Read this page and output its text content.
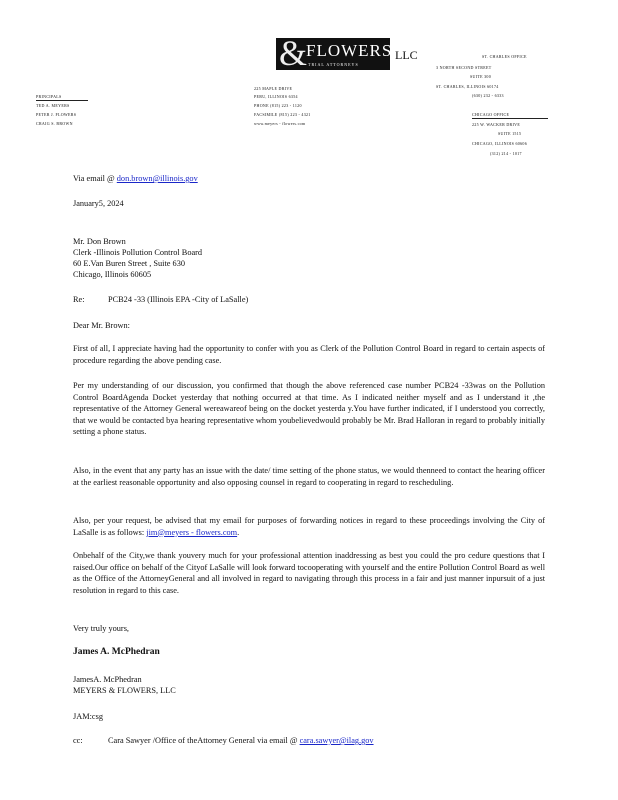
&
FLOWERS
TRIAL ATTORNEYS
LLC
PRINCIPALS
TED A. MEYERS
PETER J. FLOWERS
CRAIG S. BROWN
225 MAPLE DRIVE
PERU, ILLINOIS 6354
PHONE (815) 223 - 1120
FACSIMILE (815) 223 - 4321
www.meyers - flowers.com
ST. CHARLES OFFICE
3 NORTH SECOND STREET
SUITE 300
ST. CHARLES, ILLINOIS 60174
(630) 232 - 6333
CHICAGO OFFICE
225 W. WACKER DRIVE
SUITE 1515
CHICAGO, ILLINOIS 60606
(312) 214 - 1017
Via email @ don.brown@illinois.gov
January5, 2024
Mr. Don Brown
Clerk -Illinois Pollution Control Board
60 E.Van Buren Street , Suite 630
Chicago, Illinois 60605
Re:	PCB24 -33 (Illinois EPA -City of LaSalle)
Dear Mr. Brown:
First of all, I appreciate having had the opportunity to confer with you as Clerk of the Pollution Control Board in regard to certain aspects of procedure regarding the above pending case.
Per my understanding of our discussion, you confirmed that though the above referenced case number PCB24 -33was on the Pollution Control BoardAgenda Docket yesterday that nothing occurred at that time. As I indicated neither myself and as I understand it ,the representative of the Attorney General wereawareof being on the docket yesterda y.You have further indicated, if I understood you correctly, that we would be contacted bya hearing representative whom youbelievedwould probably be Mr. Brad Halloran in regard to probably initially setting a phone status.
Also, in the event that any party has an issue with the date/ time setting of the phone status, we would thenneed to contact the hearing officer at the earliest reasonable opportunity and also opposing counsel in regard to cooperating in regard to rescheduling.
Also, per your request, be advised that my email for purposes of forwarding notices in regard to these proceedings involving the City of LaSalle is as follows: jim@meyers - flowers.com.
Onbehalf of the City,we thank youvery much for your professional attention inaddressing as best you could the pro cedure questions that I raised.Our office on behalf of the Cityof LaSalle will look forward tocooperating with yourself and the entire Pollution Control Board as well as the Office of the AttorneyGeneral and all involved in regard to navigating through this process in a fair and just manner inpursuit of a just resolution in regard to this case.
Very truly yours,
James A. McPhedran
JamesA. McPhedran
MEYERS & FLOWERS, LLC
JAM:csg
cc:	Cara Sawyer /Office of theAttorney General via email @ cara.sawyer@ilag.gov
